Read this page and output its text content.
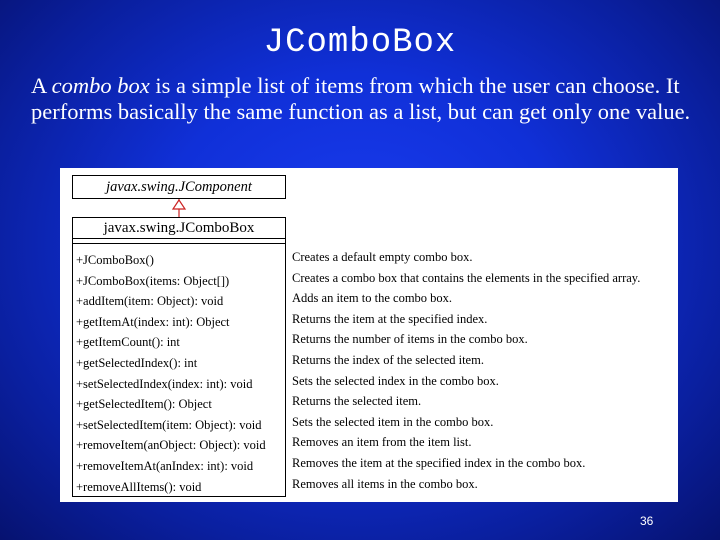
JComboBox
A combo box is a simple list of items from which the user can choose. It performs basically the same function as a list, but can get only one value.
javax.swing.JComponent
javax.swing.JComboBox
+JComboBox()
+JComboBox(items: Object[])
+addItem(item: Object): void
+getItemAt(index: int): Object
+getItemCount(): int
+getSelectedIndex(): int
+setSelectedIndex(index: int): void
+getSelectedItem(): Object
+setSelectedItem(item: Object): void
+removeItem(anObject: Object): void
+removeItemAt(anIndex: int): void
+removeAllItems(): void
Creates a default empty combo box.
Creates a combo box that contains the elements in the specified array.
Adds an item to the combo box.
Returns the item at the specified index.
Returns the number of items in the combo box.
Returns the index of the selected item.
Sets the selected index in the combo box.
Returns the selected item.
Sets the selected item in the combo box.
Removes an item from the item list.
Removes the item at the specified index in the combo box.
Removes all items in the combo box.
36
